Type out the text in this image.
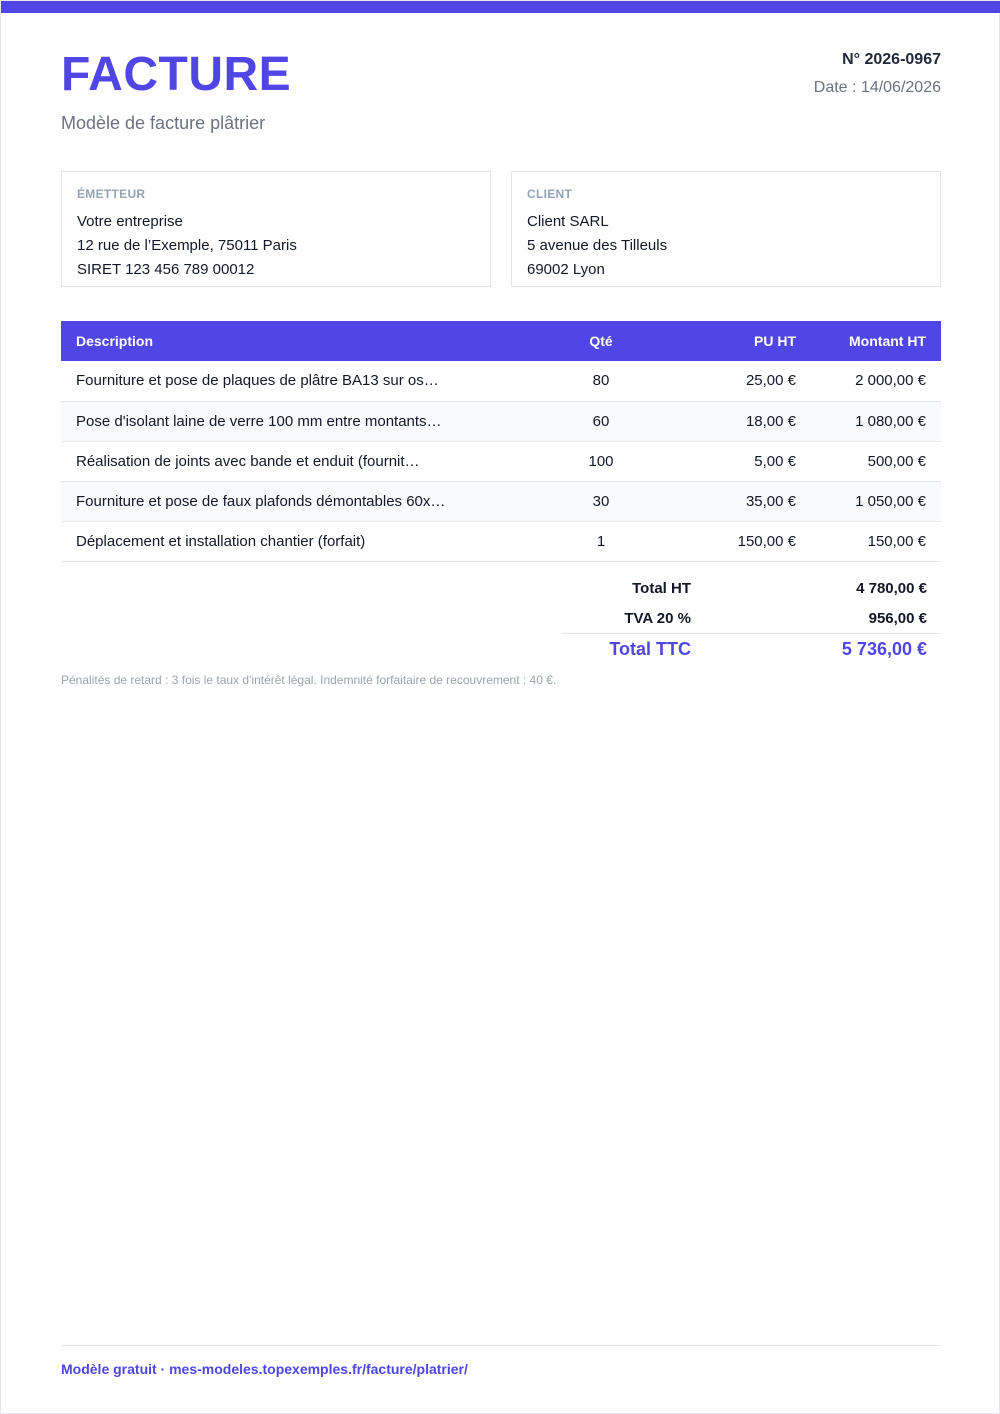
FACTURE
Modèle de facture plâtrier
N° 2026-0967
Date : 14/06/2026
ÉMETTEUR
Votre entreprise
12 rue de l’Exemple, 75011 Paris
SIRET 123 456 789 00012
CLIENT
Client SARL
5 avenue des Tilleuls
69002 Lyon
Description	Qté	PU HT	Montant HT
Fourniture et pose de plaques de plâtre BA13 sur os…	80	25,00 €	2 000,00 €
Pose d'isolant laine de verre 100 mm entre montants…	60	18,00 €	1 080,00 €
Réalisation de joints avec bande et enduit (fournit…	100	5,00 €	500,00 €
Fourniture et pose de faux plafonds démontables 60x…	30	35,00 €	1 050,00 €
Déplacement et installation chantier (forfait)	1	150,00 €	150,00 €
Total HT	4 780,00 €
TVA 20 %	956,00 €
Total TTC	5 736,00 €
Pénalités de retard : 3 fois le taux d'intérêt légal. Indemnité forfaitaire de recouvrement : 40 €.
Modèle gratuit · mes-modeles.topexemples.fr/facture/platrier/
